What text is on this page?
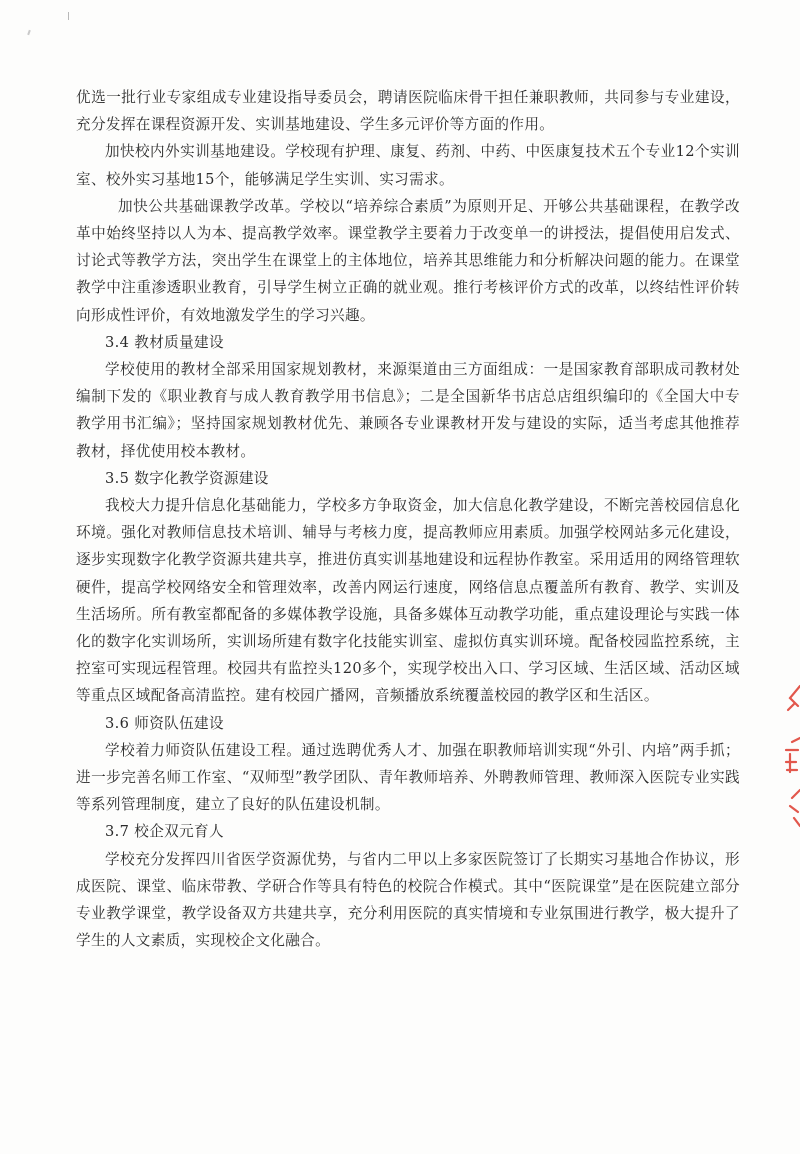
优选一批行业专家组成专业建设指导委员会，聘请医院临床骨干担任兼职教师，共同参与专业建设，充分发挥在课程资源开发、实训基地建设、学生多元评价等方面的作用。

加快校内外实训基地建设。学校现有护理、康复、药剂、中药、中医康复技术五个专业12个实训室、校外实习基地15个，能够满足学生实训、实习需求。

加快公共基础课教学改革。学校以“培养综合素质”为原则开足、开够公共基础课程，在教学改革中始终坚持以人为本、提高教学效率。课堂教学主要着力于改变单一的讲授法，提倡使用启发式、讨论式等教学方法，突出学生在课堂上的主体地位，培养其思维能力和分析解决问题的能力。在课堂教学中注重渗透职业教育，引导学生树立正确的就业观。推行考核评价方式的改革，以终结性评价转向形成性评价，有效地激发学生的学习兴趣。

3.4 教材质量建设

学校使用的教材全部采用国家规划教材，来源渠道由三方面组成：一是国家教育部职成司教材处编制下发的《职业教育与成人教育教学用书信息》；二是全国新华书店总店组织编印的《全国大中专教学用书汇编》；坚持国家规划教材优先、兼顾各专业课教材开发与建设的实际，适当考虑其他推荐教材，择优使用校本教材。

3.5 数字化教学资源建设

我校大力提升信息化基础能力，学校多方争取资金，加大信息化教学建设，不断完善校园信息化环境。强化对教师信息技术培训、辅导与考核力度，提高教师应用素质。加强学校网站多元化建设，逐步实现数字化教学资源共建共享，推进仿真实训基地建设和远程协作教室。采用适用的网络管理软硬件，提高学校网络安全和管理效率，改善内网运行速度，网络信息点覆盖所有教育、教学、实训及生活场所。所有教室都配备的多媒体教学设施，具备多媒体互动教学功能，重点建设理论与实践一体化的数字化实训场所，实训场所建有数字化技能实训室、虚拟仿真实训环境。配备校园监控系统，主控室可实现远程管理。校园共有监控头120多个，实现学校出入口、学习区域、生活区域、活动区域等重点区域配备高清监控。建有校园广播网，音频播放系统覆盖校园的教学区和生活区。

3.6 师资队伍建设

学校着力师资队伍建设工程。通过选聘优秀人才、加强在职教师培训实现“外引、内培”两手抓；进一步完善名师工作室、“双师型”教学团队、青年教师培养、外聘教师管理、教师深入医院专业实践等系列管理制度，建立了良好的队伍建设机制。

3.7 校企双元育人

学校充分发挥四川省医学资源优势，与省内二甲以上多家医院签订了长期实习基地合作协议，形成医院、课堂、临床带教、学研合作等具有特色的校院合作模式。其中“医院课堂”是在医院建立部分专业教学课堂，教学设备双方共建共享，充分利用医院的真实情境和专业氛围进行教学，极大提升了学生的人文素质，实现校企文化融合。
